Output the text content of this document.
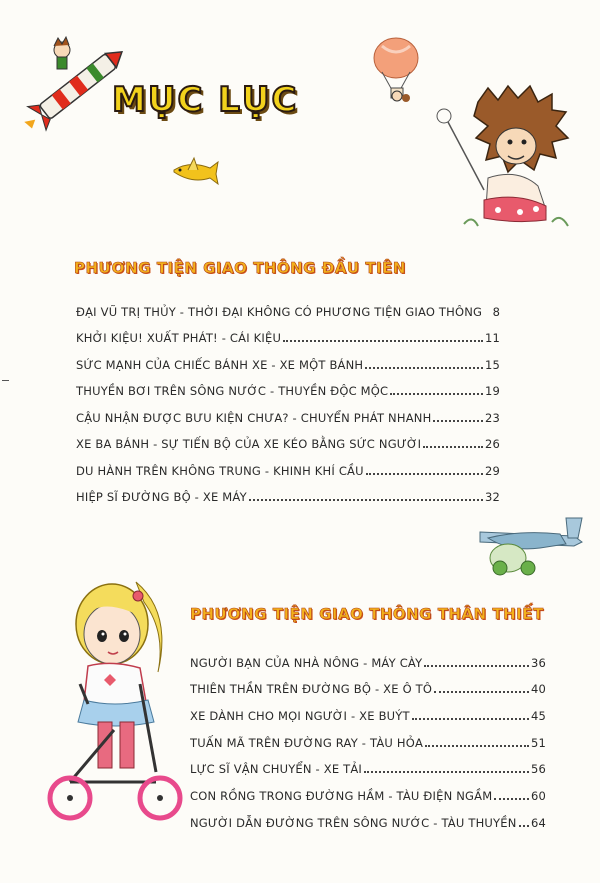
MỤC LỤC
PHƯƠNG TIỆN GIAO THÔNG ĐẦU TIÊN
ĐẠI VŨ TRỊ THỦY - THỜI ĐẠI KHÔNG CÓ PHƯƠNG TIỆN GIAO THÔNG 8
KHỞI KIỆU! XUẤT PHÁT! - CÁI KIỆU	11
SỨC MẠNH CỦA CHIẾC BÁNH XE - XE MỘT BÁNH	15
THUYỀN BƠI TRÊN SÔNG NƯỚC - THUYỀN ĐỘC MỘC	19
CẬU NHẬN ĐƯỢC BƯU KIỆN CHƯA? - CHUYỂN PHÁT NHANH	23
XE BA BÁNH - SỰ TIẾN BỘ CỦA XE KÉO BẰNG SỨC NGƯỜI	26
DU HÀNH TRÊN KHÔNG TRUNG - KHINH KHÍ CẦU	29
HIỆP SĨ ĐƯỜNG BỘ - XE MÁY	32
PHƯƠNG TIỆN GIAO THÔNG THÂN THIẾT
NGƯỜI BẠN CỦA NHÀ NÔNG - MÁY CÀY	36
THIÊN THẦN TRÊN ĐƯỜNG BỘ - XE Ô TÔ	40
XE DÀNH CHO MỌI NGƯỜI - XE BUÝT	45
TUẤN MÃ TRÊN ĐƯỜNG RAY - TÀU HỎA	51
LỰC SĨ VẬN CHUYỂN - XE TẢI	56
CON RỒNG TRONG ĐƯỜNG HẦM - TÀU ĐIỆN NGẦM	60
NGƯỜI DẪN ĐƯỜNG TRÊN SÔNG NƯỚC - TÀU THUYỀN 64
